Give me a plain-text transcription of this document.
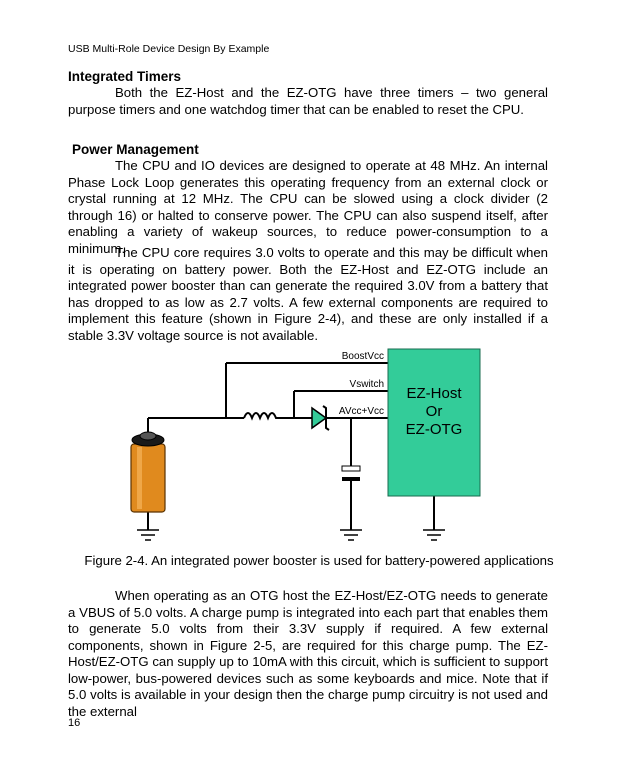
USB Multi-Role Device Design By Example
Integrated Timers

Both the EZ-Host and the EZ-OTG have three timers – two general purpose timers and one watchdog timer that can be enabled to reset the CPU.

Power Management

The CPU and IO devices are designed to operate at 48 MHz. An internal Phase Lock Loop generates this operating frequency from an external clock or crystal running at 12 MHz. The CPU can be slowed using a clock divider (2 through 16) or halted to conserve power. The CPU can also suspend itself, after enabling a variety of wakeup sources, to reduce power-consumption to a minimum.

The CPU core requires 3.0 volts to operate and this may be difficult when it is operating on battery power. Both the EZ-Host and EZ-OTG include an integrated power booster than can generate the required 3.0V from a battery that has dropped to as low as 2.7 volts. A few external components are required to implement this feature (shown in Figure 2-4), and these are only installed if a stable 3.3V voltage source is not available.

EZ-Host
Or
EZ-OTG
BoostVcc
Vswitch
AVcc+Vcc
Figure 2-4. An integrated power booster is used for battery-powered applications

When operating as an OTG host the EZ-Host/EZ-OTG needs to generate a VBUS of 5.0 volts. A charge pump is integrated into each part that enables them to generate 5.0 volts from their 3.3V supply if required. A few external components, shown in Figure 2-5, are required for this charge pump. The EZ-Host/EZ-OTG can supply up to 10mA with this circuit, which is sufficient to support low-power, bus-powered devices such as some keyboards and mice. Note that if 5.0 volts is available in your design then the charge pump circuitry is not used and the external

16
